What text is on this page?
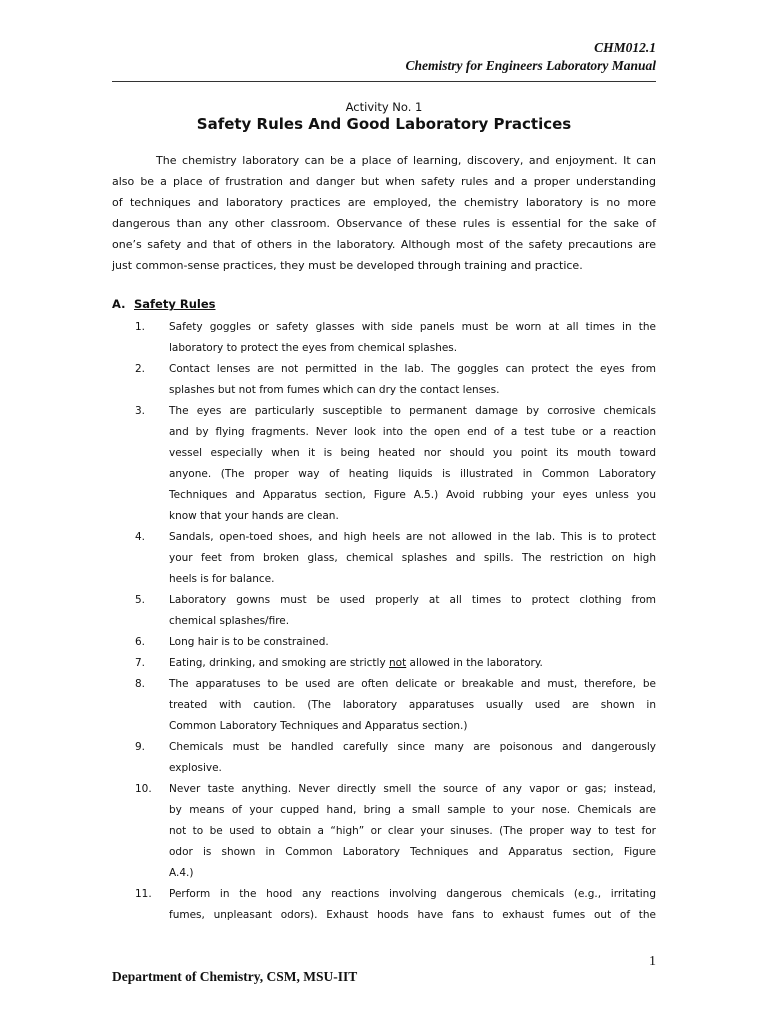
CHM012.1
Chemistry for Engineers Laboratory Manual
Activity No. 1
Safety Rules And Good Laboratory Practices

The chemistry laboratory can be a place of learning, discovery, and enjoyment. It can
also be a place of frustration and danger but when safety rules and a proper understanding
of techniques and laboratory practices are employed, the chemistry laboratory is no more
dangerous than any other classroom. Observance of these rules is essential for the sake of
one’s safety and that of others in the laboratory. Although most of the safety precautions are
just common-sense practices, they must be developed through training and practice.

A. Safety Rules
1. Safety goggles or safety glasses with side panels must be worn at all times in the
laboratory to protect the eyes from chemical splashes.
2. Contact lenses are not permitted in the lab. The goggles can protect the eyes from
splashes but not from fumes which can dry the contact lenses.
3. The eyes are particularly susceptible to permanent damage by corrosive chemicals
and by flying fragments. Never look into the open end of a test tube or a reaction
vessel especially when it is being heated nor should you point its mouth toward
anyone. (The proper way of heating liquids is illustrated in Common Laboratory
Techniques and Apparatus section, Figure A.5.) Avoid rubbing your eyes unless you
know that your hands are clean.
4. Sandals, open-toed shoes, and high heels are not allowed in the lab. This is to protect
your feet from broken glass, chemical splashes and spills. The restriction on high
heels is for balance.
5. Laboratory gowns must be used properly at all times to protect clothing from
chemical splashes/fire.
6. Long hair is to be constrained.
7. Eating, drinking, and smoking are strictly not allowed in the laboratory.
8. The apparatuses to be used are often delicate or breakable and must, therefore, be
treated with caution. (The laboratory apparatuses usually used are shown in
Common Laboratory Techniques and Apparatus section.)
9. Chemicals must be handled carefully since many are poisonous and dangerously
explosive.
10. Never taste anything. Never directly smell the source of any vapor or gas; instead,
by means of your cupped hand, bring a small sample to your nose. Chemicals are
not to be used to obtain a “high” or clear your sinuses. (The proper way to test for
odor is shown in Common Laboratory Techniques and Apparatus section, Figure
A.4.)
11. Perform in the hood any reactions involving dangerous chemicals (e.g., irritating
fumes, unpleasant odors). Exhaust hoods have fans to exhaust fumes out of the
1
Department of Chemistry, CSM, MSU-IIT
